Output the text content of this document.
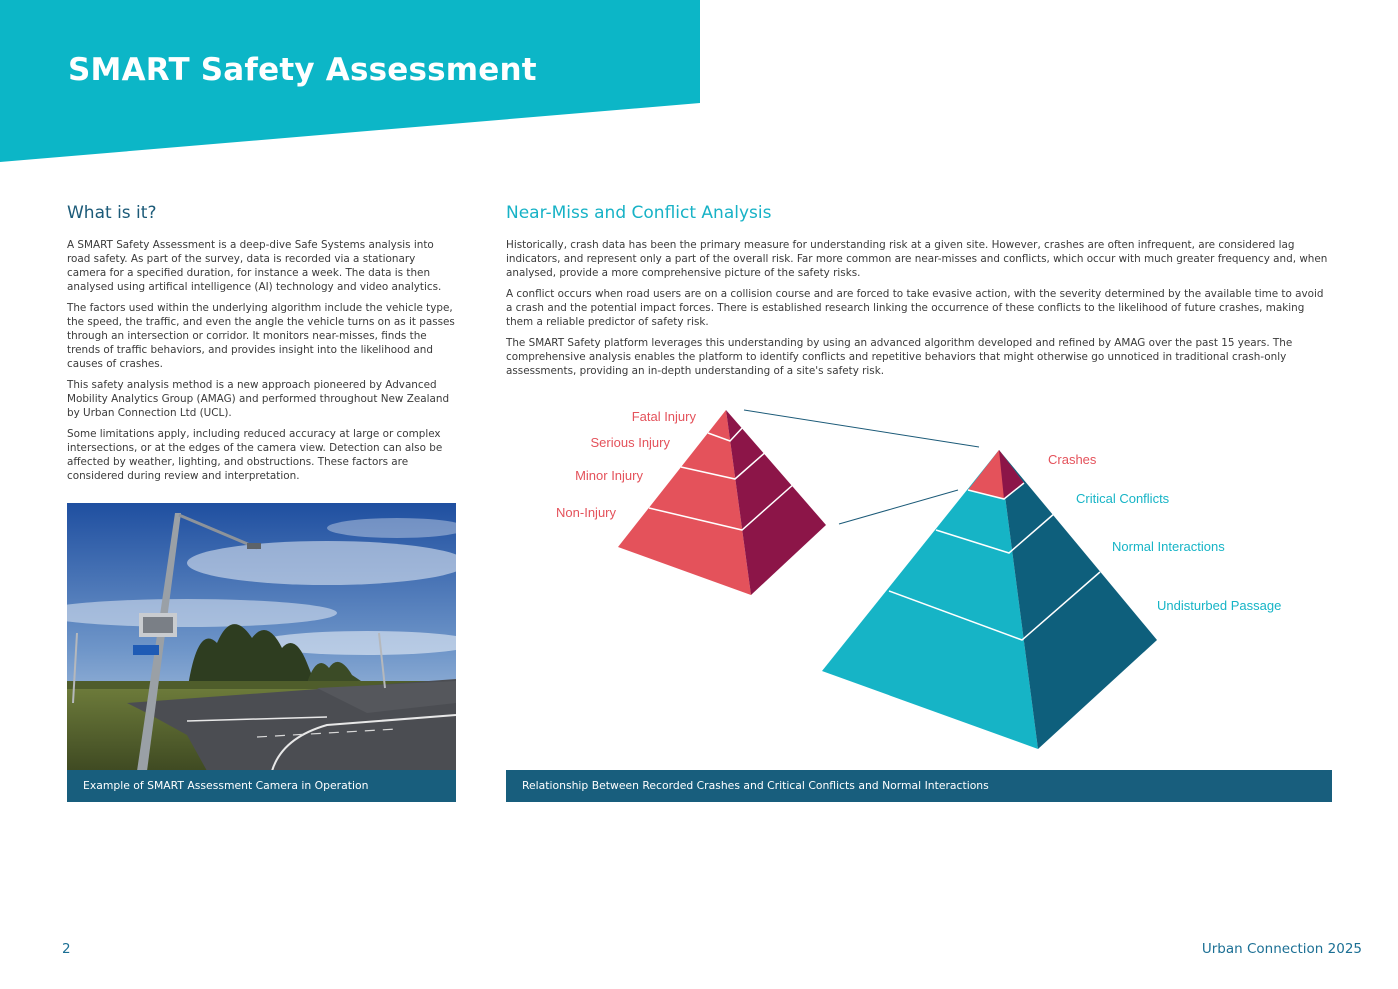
SMART Safety Assessment
What is it?

A SMART Safety Assessment is a deep-dive Safe Systems analysis into road safety. As part of the survey, data is recorded via a stationary camera for a specified duration, for instance a week. The data is then analysed using artifical intelligence (AI) technology and video analytics.

The factors used within the underlying algorithm include the vehicle type, the speed, the traffic, and even the angle the vehicle turns on as it passes through an intersection or corridor. It monitors near-misses, finds the trends of traffic behaviors, and provides insight into the likelihood and causes of crashes.

This safety analysis method is a new approach pioneered by Advanced Mobility Analytics Group (AMAG) and performed throughout New Zealand by Urban Connection Ltd (UCL).

Some limitations apply, including reduced accuracy at large or complex intersections, or at the edges of the camera view. Detection can also be affected by weather, lighting, and obstructions. These factors are considered during review and interpretation.

Example of SMART Assessment Camera in Operation
Near-Miss and Conflict Analysis

Historically, crash data has been the primary measure for understanding risk at a given site. However, crashes are often infrequent, are considered lag indicators, and represent only a part of the overall risk. Far more common are near-misses and conflicts, which occur with much greater frequency and, when analysed, provide a more comprehensive picture of the safety risks.

A conflict occurs when road users are on a collision course and are forced to take evasive action, with the severity determined by the available time to avoid a crash and the potential impact forces. There is established research linking the occurrence of these conflicts to the likelihood of future crashes, making them a reliable predictor of safety risk.

The SMART Safety platform leverages this understanding by using an advanced algorithm developed and refined by AMAG over the past 15 years. The comprehensive analysis enables the platform to identify conflicts and repetitive behaviors that might otherwise go unnoticed in traditional crash-only assessments, providing an in-depth understanding of a site's safety risk.

Fatal Injury
Serious Injury
Minor Injury
Non-Injury
Crashes
Critical Conflicts
Normal Interactions
Undisturbed Passage
Relationship Between Recorded Crashes and Critical Conflicts and Normal Interactions
2	Urban Connection 2025
